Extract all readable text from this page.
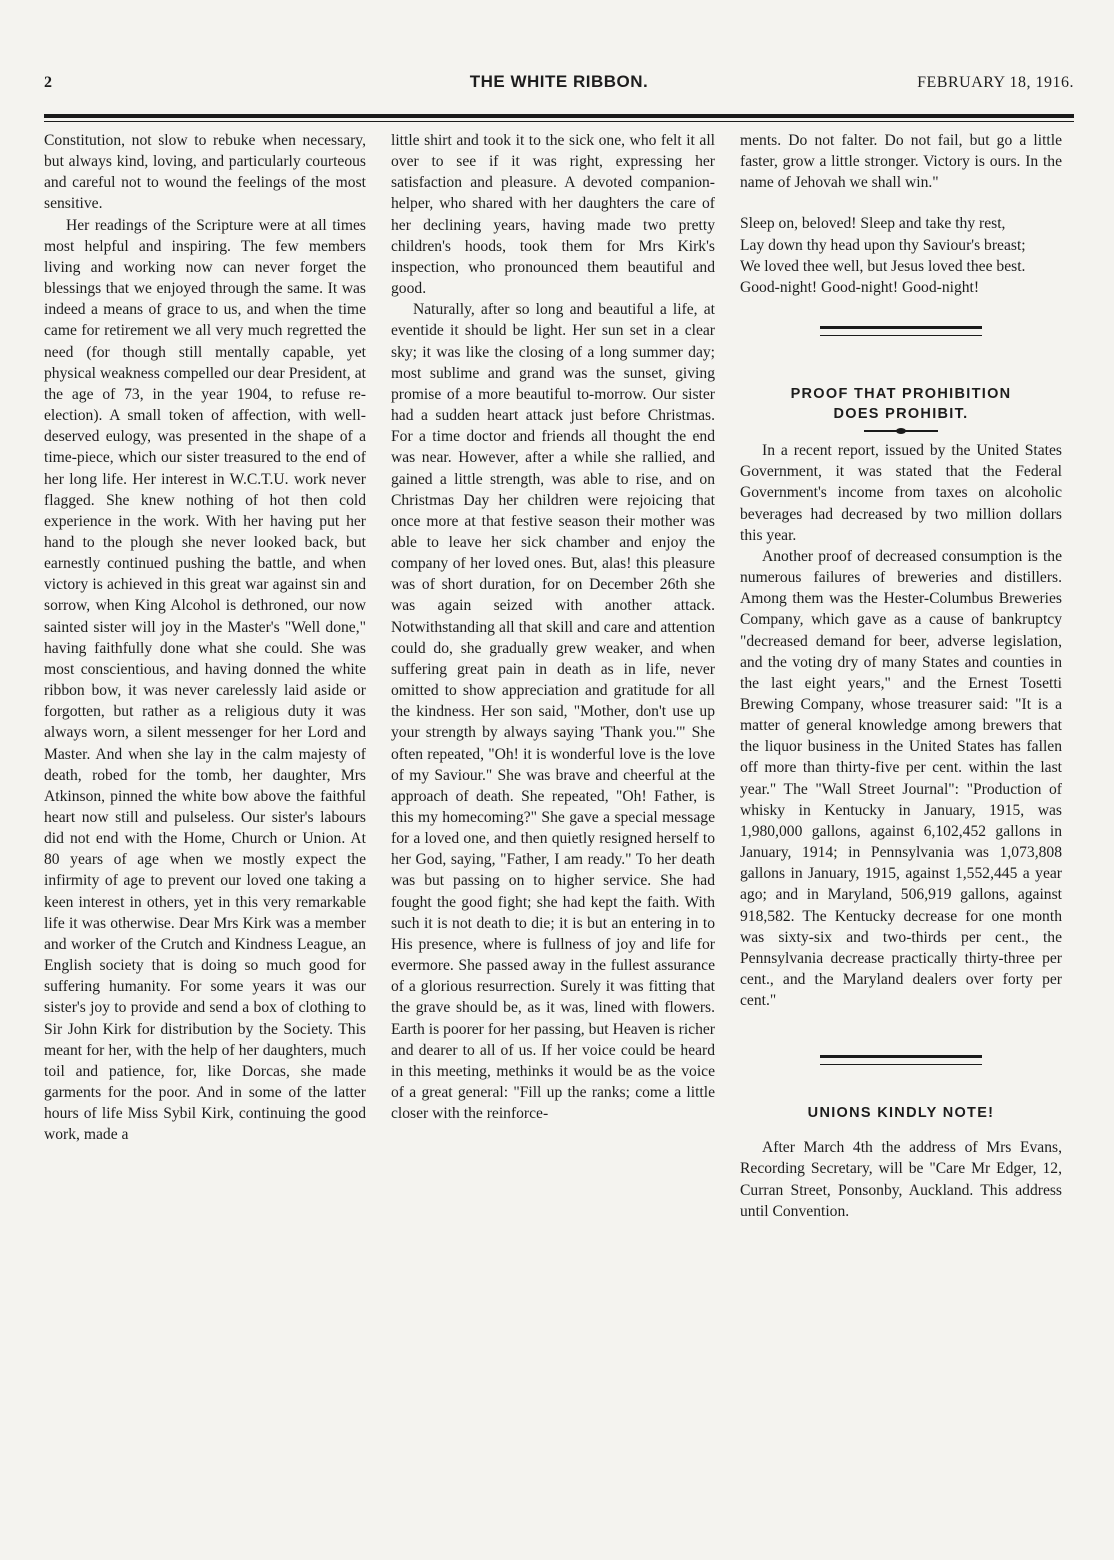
2	THE WHITE RIBBON.	FEBRUARY 18, 1916.

Constitution, not slow to rebuke when necessary, but always kind, loving, and particularly courteous and careful not to wound the feelings of the most sensitive.

Her readings of the Scripture were at all times most helpful and inspiring. The few members living and working now can never forget the blessings that we enjoyed through the same. It was indeed a means of grace to us, and when the time came for retirement we all very much regretted the need (for though still mentally capable, yet physical weakness compelled our dear President, at the age of 73, in the year 1904, to refuse re-election). A small token of affection, with well-deserved eulogy, was presented in the shape of a time-piece, which our sister treasured to the end of her long life. Her interest in W.C.T.U. work never flagged. She knew nothing of hot then cold experience in the work. With her having put her hand to the plough she never looked back, but earnestly continued pushing the battle, and when victory is achieved in this great war against sin and sorrow, when King Alcohol is dethroned, our now sainted sister will joy in the Master's "Well done," having faithfully done what she could. She was most conscientious, and having donned the white ribbon bow, it was never carelessly laid aside or forgotten, but rather as a religious duty it was always worn, a silent messenger for her Lord and Master. And when she lay in the calm majesty of death, robed for the tomb, her daughter, Mrs Atkinson, pinned the white bow above the faithful heart now still and pulseless. Our sister's labours did not end with the Home, Church or Union. At 80 years of age when we mostly expect the infirmity of age to prevent our loved one taking a keen interest in others, yet in this very remarkable life it was otherwise. Dear Mrs Kirk was a member and worker of the Crutch and Kindness League, an English society that is doing so much good for suffering humanity. For some years it was our sister's joy to provide and send a box of clothing to Sir John Kirk for distribution by the Society. This meant for her, with the help of her daughters, much toil and patience, for, like Dorcas, she made garments for the poor. And in some of the latter hours of life Miss Sybil Kirk, continuing the good work, made a

little shirt and took it to the sick one, who felt it all over to see if it was right, expressing her satisfaction and pleasure. A devoted companion-helper, who shared with her daughters the care of her declining years, having made two pretty children's hoods, took them for Mrs Kirk's inspection, who pronounced them beautiful and good.

Naturally, after so long and beautiful a life, at eventide it should be light. Her sun set in a clear sky; it was like the closing of a long summer day; most sublime and grand was the sunset, giving promise of a more beautiful to-morrow. Our sister had a sudden heart attack just before Christmas. For a time doctor and friends all thought the end was near. However, after a while she rallied, and gained a little strength, was able to rise, and on Christmas Day her children were rejoicing that once more at that festive season their mother was able to leave her sick chamber and enjoy the company of her loved ones. But, alas! this pleasure was of short duration, for on December 26th she was again seized with another attack. Notwithstanding all that skill and care and attention could do, she gradually grew weaker, and when suffering great pain in death as in life, never omitted to show appreciation and gratitude for all the kindness. Her son said, "Mother, don't use up your strength by always saying 'Thank you.'" She often repeated, "Oh! it is wonderful love is the love of my Saviour." She was brave and cheerful at the approach of death. She repeated, "Oh! Father, is this my homecoming?" She gave a special message for a loved one, and then quietly resigned herself to her God, saying, "Father, I am ready." To her death was but passing on to higher service. She had fought the good fight; she had kept the faith. With such it is not death to die; it is but an entering in to His presence, where is fullness of joy and life for evermore. She passed away in the fullest assurance of a glorious resurrection. Surely it was fitting that the grave should be, as it was, lined with flowers. Earth is poorer for her passing, but Heaven is richer and dearer to all of us. If her voice could be heard in this meeting, methinks it would be as the voice of a great general: "Fill up the ranks; come a little closer with the reinforce-

ments. Do not falter. Do not fail, but go a little faster, grow a little stronger. Victory is ours. In the name of Jehovah we shall win."

Sleep on, beloved! Sleep and take thy rest,
Lay down thy head upon thy Saviour's breast;
We loved thee well, but Jesus loved thee best.
Good-night! Good-night! Good-night!
PROOF THAT PROHIBITION
DOES PROHIBIT.

In a recent report, issued by the United States Government, it was stated that the Federal Government's income from taxes on alcoholic beverages had decreased by two million dollars this year.

Another proof of decreased consumption is the numerous failures of breweries and distillers. Among them was the Hester-Columbus Breweries Company, which gave as a cause of bankruptcy "decreased demand for beer, adverse legislation, and the voting dry of many States and counties in the last eight years," and the Ernest Tosetti Brewing Company, whose treasurer said: "It is a matter of general knowledge among brewers that the liquor business in the United States has fallen off more than thirty-five per cent. within the last year." The "Wall Street Journal": "Production of whisky in Kentucky in January, 1915, was 1,980,000 gallons, against 6,102,452 gallons in January, 1914; in Pennsylvania was 1,073,808 gallons in January, 1915, against 1,552,445 a year ago; and in Maryland, 506,919 gallons, against 918,582. The Kentucky decrease for one month was sixty-six and two-thirds per cent., the Pennsylvania decrease practically thirty-three per cent., and the Maryland dealers over forty per cent."

UNIONS KINDLY NOTE!

After March 4th the address of Mrs Evans, Recording Secretary, will be "Care Mr Edger, 12, Curran Street, Ponsonby, Auckland. This address until Convention.
